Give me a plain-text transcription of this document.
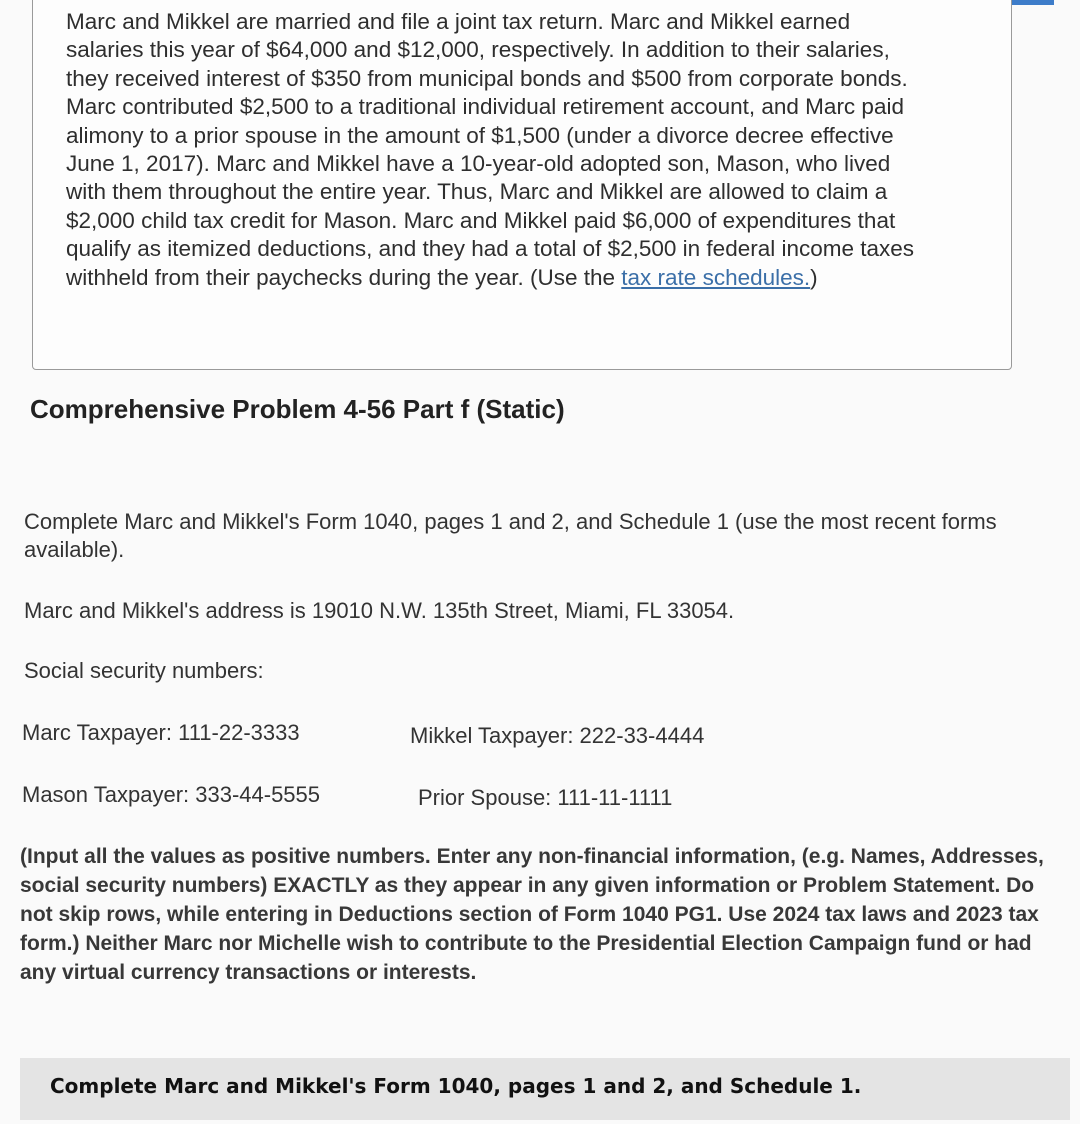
Marc and Mikkel are married and file a joint tax return. Marc and Mikkel earned salaries this year of $64,000 and $12,000, respectively. In addition to their salaries, they received interest of $350 from municipal bonds and $500 from corporate bonds. Marc contributed $2,500 to a traditional individual retirement account, and Marc paid alimony to a prior spouse in the amount of $1,500 (under a divorce decree effective June 1, 2017). Marc and Mikkel have a 10-year-old adopted son, Mason, who lived with them throughout the entire year. Thus, Marc and Mikkel are allowed to claim a $2,000 child tax credit for Mason. Marc and Mikkel paid $6,000 of expenditures that qualify as itemized deductions, and they had a total of $2,500 in federal income taxes withheld from their paychecks during the year. (Use the tax rate schedules.)

Comprehensive Problem 4-56 Part f (Static)

Complete Marc and Mikkel's Form 1040, pages 1 and 2, and Schedule 1 (use the most recent forms available).

Marc and Mikkel's address is 19010 N.W. 135th Street, Miami, FL 33054.

Social security numbers:

Marc Taxpayer: 111-22-3333	Mikkel Taxpayer: 222-33-4444

Mason Taxpayer: 333-44-5555	Prior Spouse: 111-11-1111

(Input all the values as positive numbers. Enter any non-financial information, (e.g. Names, Addresses, social security numbers) EXACTLY as they appear in any given information or Problem Statement. Do not skip rows, while entering in Deductions section of Form 1040 PG1. Use 2024 tax laws and 2023 tax form.) Neither Marc nor Michelle wish to contribute to the Presidential Election Campaign fund or had any virtual currency transactions or interests.

Complete Marc and Mikkel's Form 1040, pages 1 and 2, and Schedule 1.
